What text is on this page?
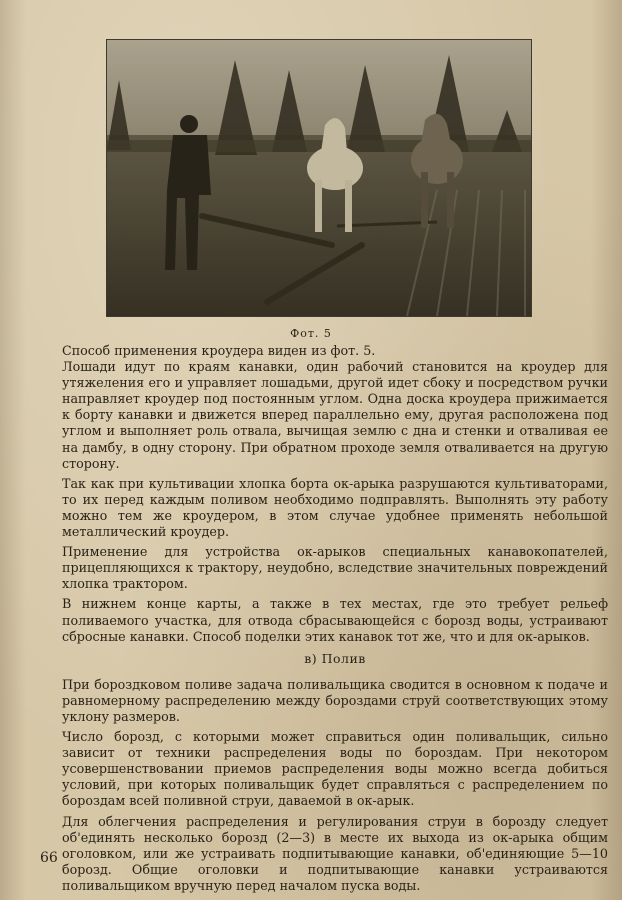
Фот. 5

Способ применения кроудера виден из фот. 5.

Лошади идут по краям канавки, один рабочий становится на кроудер для утяжеления его и управляет лошадьми, другой идет сбоку и посредством ручки направляет кроудер под постоянным углом. Одна доска кроудера прижимается к борту канавки и движется вперед параллельно ему, другая расположена под углом и выполняет роль отвала, вычищая землю с дна и стенки и отваливая ее на дамбу, в одну сторону. При обратном проходе земля отваливается на другую сторону.

Так как при культивации хлопка борта ок-арыка разрушаются культиваторами, то их перед каждым поливом необходимо подправлять. Выполнять эту работу можно тем же кроудером, в этом случае удобнее применять небольшой металлический кроудер.

Применение для устройства ок-арыков специальных канавокопателей, прицепляющихся к трактору, неудобно, вследствие значительных повреждений хлопка трактором.

В нижнем конце карты, а также в тех местах, где это требует рельеф поливаемого участка, для отвода сбрасывающейся с борозд воды, устраивают сбросные канавки. Способ поделки этих канавок тот же, что и для ок-арыков.

в) Полив

При бороздковом поливе задача поливальщика сводится в основном к подаче и равномерному распределению между бороздами струй соответствующих этому уклону размеров.

Число борозд, с которыми может справиться один поливальщик, сильно зависит от техники распределения воды по бороздам. При некотором усовершенствовании приемов распределения воды можно всегда добиться условий, при которых поливальщик будет справляться с распределением по бороздам всей поливной струи, даваемой в ок-арык.

Для облегчения распределения и регулирования струи в борозду следует об'единять несколько борозд (2—3) в месте их выхода из ок-арыка общим оголовком, или же устраивать подпитывающие канавки, об'единяющие 5—10 борозд. Общие оголовки и подпитывающие канавки устраиваются поливальщиком вручную перед началом пуска воды.

66
